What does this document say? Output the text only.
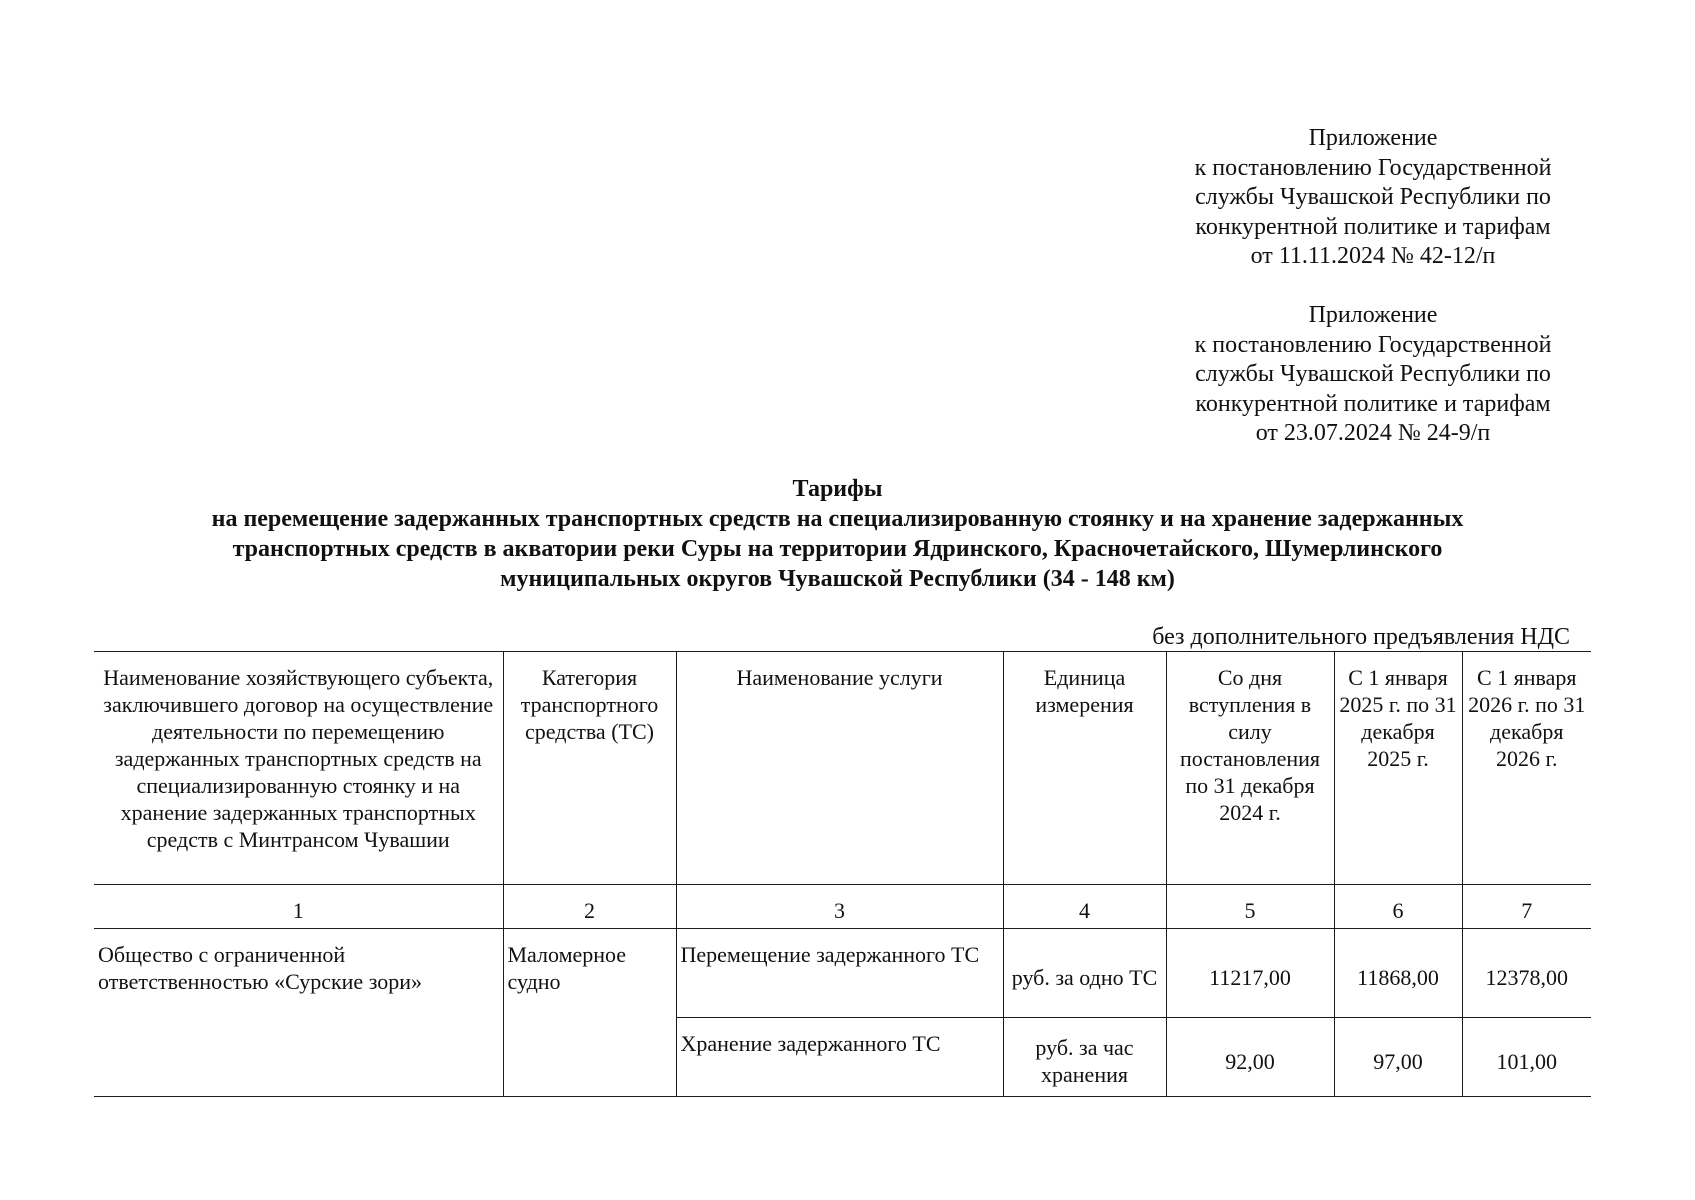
Приложение
к постановлению Государственной
службы Чувашской Республики по
конкурентной политике и тарифам
от 11.11.2024 № 42-12/п
Приложение
к постановлению Государственной
службы Чувашской Республики по
конкурентной политике и тарифам
от 23.07.2024 № 24-9/п
Тарифы
на перемещение задержанных транспортных средств на специализированную стоянку и на хранение задержанных
транспортных средств в акватории реки Суры на территории Ядринского, Красночетайского, Шумерлинского
муниципальных округов Чувашской Республики (34 - 148 км)
без дополнительного предъявления НДС
Наименование хозяйствующего субъекта, заключившего договор на осуществление деятельности по перемещению задержанных транспортных средств на специализированную стоянку и на хранение задержанных транспортных средств с Минтрансом Чувашии	Категория транспортного средства (ТС)	Наименование услуги	Единица измерения	Со дня вступления в силу постановления по 31 декабря 2024 г.	С 1 января 2025 г. по 31 декабря 2025 г.	С 1 января 2026 г. по 31 декабря 2026 г.
1	2	3	4	5	6	7
Общество с ограниченной ответственностью «Сурские зори»	Маломерное судно	Перемещение задержанного ТС	руб. за одно ТС	11217,00	11868,00	12378,00
		Хранение задержанного ТС	руб. за час хранения	92,00	97,00	101,00
